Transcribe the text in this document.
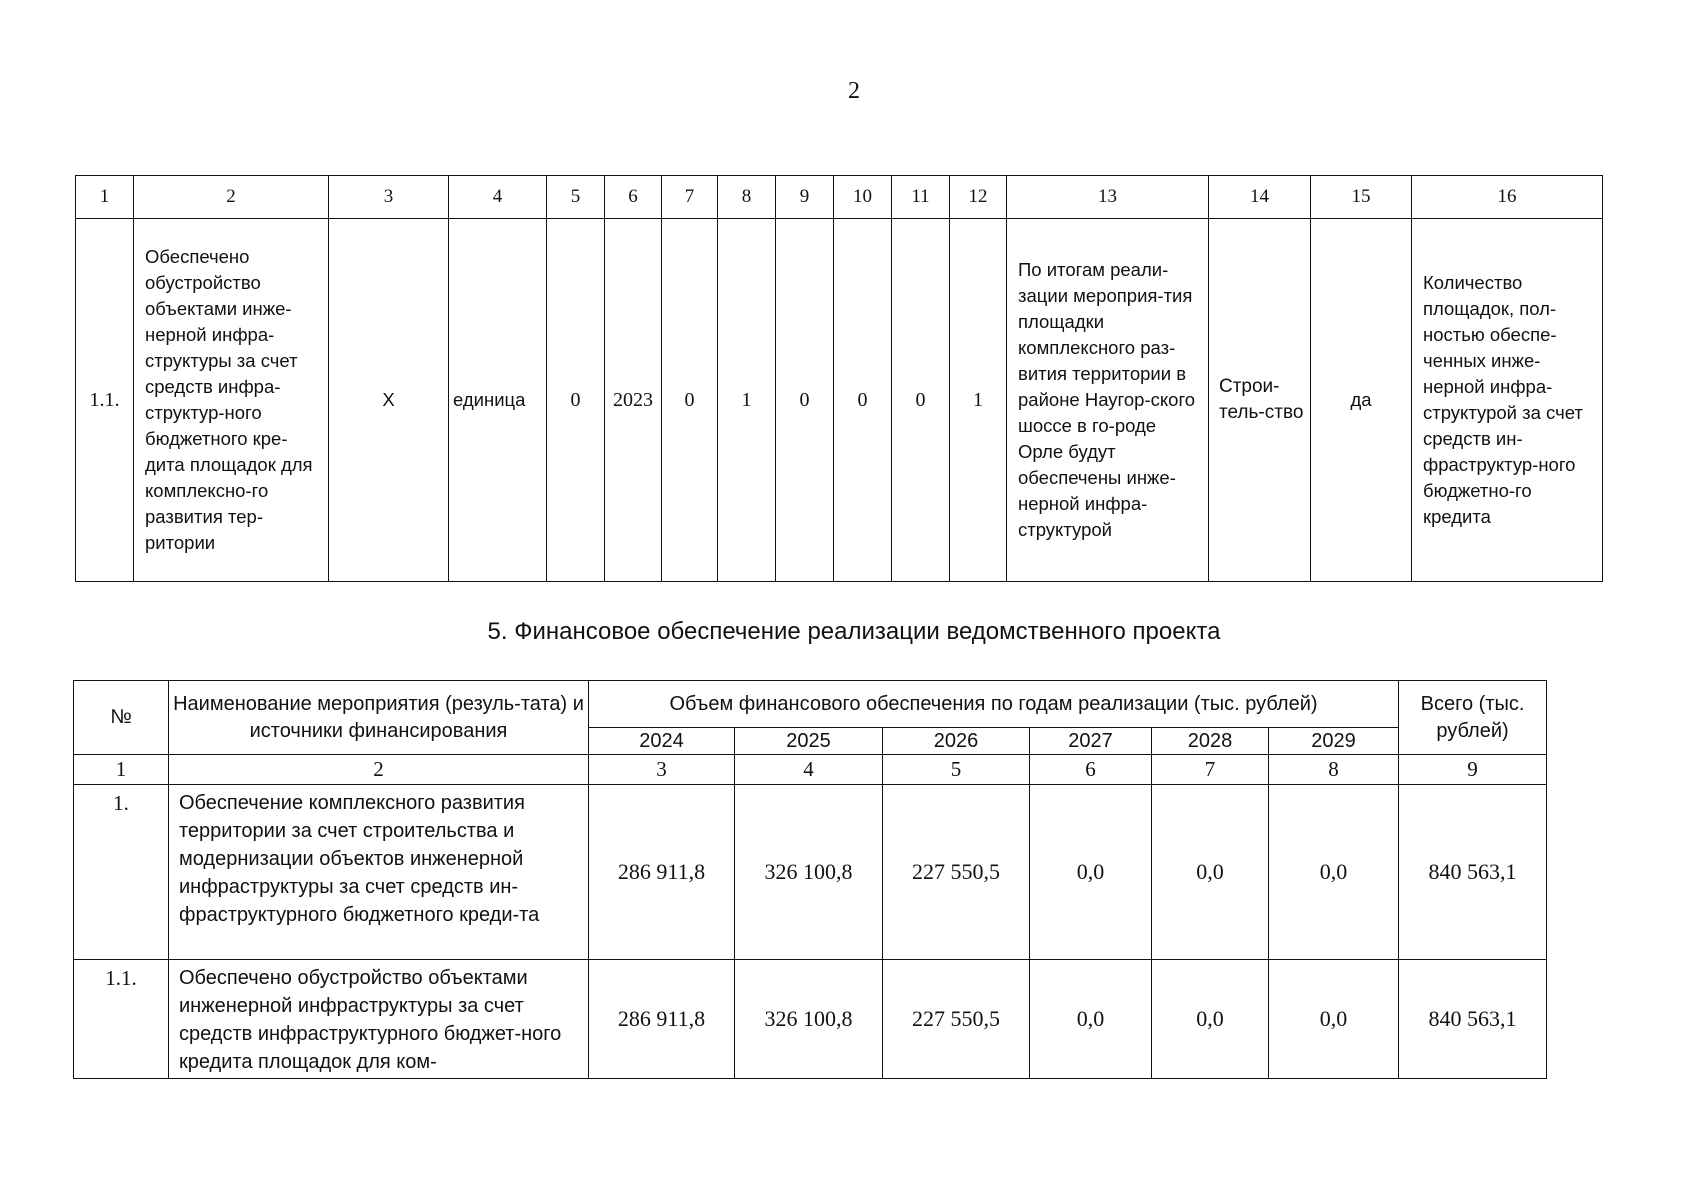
2
1	2	3	4	5	6	7	8	9	10	11	12	13	14	15	16
1.1.	Обеспечено обустройство объектами инже-нерной инфра-структуры за счет средств инфра-структур-ного бюджетного кре-дита площадок для комплексно-го развития тер-ритории	X	единица	0	2023	0	1	0	0	0	1	По итогам реали-зации мероприя-тия площадки комплексного раз-вития территории в районе Наугор-ского шоссе в го-роде Орле будут обеспечены инже-нерной инфра-структурой	Строи-тель-ство	да	Количество площадок, пол-ностью обеспе-ченных инже-нерной инфра-структурой за счет средств ин-фраструктур-ного бюджетно-го кредита
5. Финансовое обеспечение реализации ведомственного проекта
№	Наименование мероприятия (резуль-тата) и источники финансирования	Объем финансового обеспечения по годам реализации (тыс. рублей)						Всего (тыс. рублей)
		2024	2025	2026	2027	2028	2029	
1	2	3	4	5	6	7	8	9
1.	Обеспечение комплексного развития территории за счет строительства и модернизации объектов инженерной инфраструктуры за счет средств ин-фраструктурного бюджетного креди-та	286 911,8	326 100,8	227 550,5	0,0	0,0	0,0	840 563,1
1.1.	Обеспечено обустройство объектами инженерной инфраструктуры за счет средств инфраструктурного бюджет-ного кредита площадок для ком-	286 911,8	326 100,8	227 550,5	0,0	0,0	0,0	840 563,1
